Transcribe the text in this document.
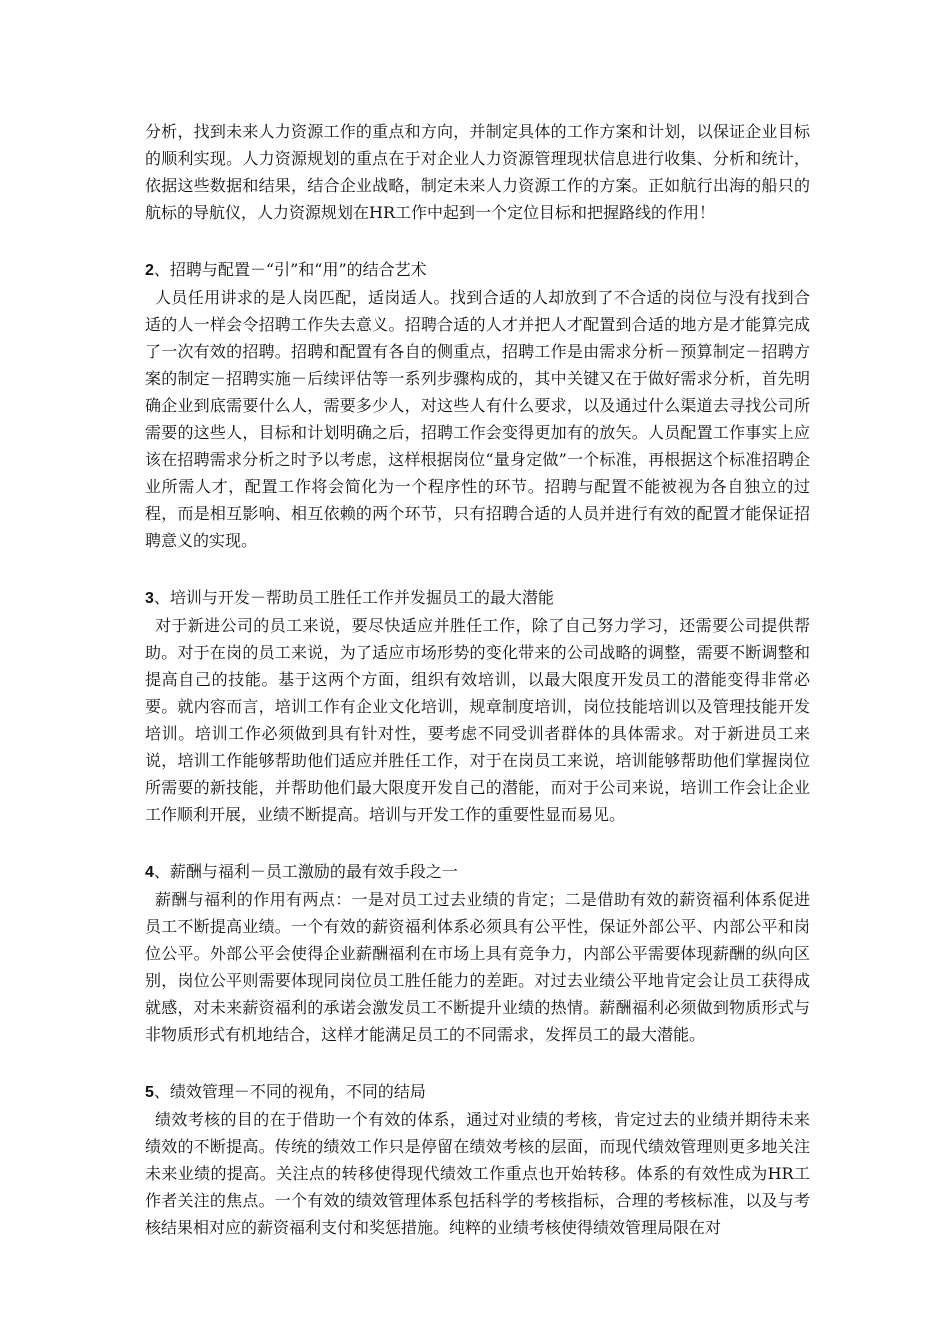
分析，找到未来人力资源工作的重点和方向，并制定具体的工作方案和计划，以保证企业目标的顺利实现。人力资源规划的重点在于对企业人力资源管理现状信息进行收集、分析和统计，依据这些数据和结果，结合企业战略，制定未来人力资源工作的方案。正如航行出海的船只的航标的导航仪，人力资源规划在HR工作中起到一个定位目标和把握路线的作用！

2、招聘与配置－“引”和“用”的结合艺术

人员任用讲求的是人岗匹配，适岗适人。找到合适的人却放到了不合适的岗位与没有找到合适的人一样会令招聘工作失去意义。招聘合适的人才并把人才配置到合适的地方是才能算完成了一次有效的招聘。招聘和配置有各自的侧重点，招聘工作是由需求分析－预算制定－招聘方案的制定－招聘实施－后续评估等一系列步骤构成的，其中关键又在于做好需求分析，首先明确企业到底需要什么人，需要多少人，对这些人有什么要求，以及通过什么渠道去寻找公司所需要的这些人，目标和计划明确之后，招聘工作会变得更加有的放矢。人员配置工作事实上应该在招聘需求分析之时予以考虑，这样根据岗位“量身定做”一个标准，再根据这个标准招聘企业所需人才，配置工作将会简化为一个程序性的环节。招聘与配置不能被视为各自独立的过程，而是相互影响、相互依赖的两个环节，只有招聘合适的人员并进行有效的配置才能保证招聘意义的实现。

3、培训与开发－帮助员工胜任工作并发掘员工的最大潜能

对于新进公司的员工来说，要尽快适应并胜任工作，除了自己努力学习，还需要公司提供帮助。对于在岗的员工来说，为了适应市场形势的变化带来的公司战略的调整，需要不断调整和提高自己的技能。基于这两个方面，组织有效培训，以最大限度开发员工的潜能变得非常必要。就内容而言，培训工作有企业文化培训，规章制度培训，岗位技能培训以及管理技能开发培训。培训工作必须做到具有针对性，要考虑不同受训者群体的具体需求。对于新进员工来说，培训工作能够帮助他们适应并胜任工作，对于在岗员工来说，培训能够帮助他们掌握岗位所需要的新技能，并帮助他们最大限度开发自己的潜能，而对于公司来说，培训工作会让企业工作顺利开展，业绩不断提高。培训与开发工作的重要性显而易见。

4、薪酬与福利－员工激励的最有效手段之一

薪酬与福利的作用有两点：一是对员工过去业绩的肯定；二是借助有效的薪资福利体系促进员工不断提高业绩。一个有效的薪资福利体系必须具有公平性，保证外部公平、内部公平和岗位公平。外部公平会使得企业薪酬福利在市场上具有竞争力，内部公平需要体现薪酬的纵向区别，岗位公平则需要体现同岗位员工胜任能力的差距。对过去业绩公平地肯定会让员工获得成就感，对未来薪资福利的承诺会激发员工不断提升业绩的热情。薪酬福利必须做到物质形式与非物质形式有机地结合，这样才能满足员工的不同需求，发挥员工的最大潜能。

5、绩效管理－不同的视角，不同的结局

绩效考核的目的在于借助一个有效的体系，通过对业绩的考核，肯定过去的业绩并期待未来绩效的不断提高。传统的绩效工作只是停留在绩效考核的层面，而现代绩效管理则更多地关注未来业绩的提高。关注点的转移使得现代绩效工作重点也开始转移。体系的有效性成为HR工作者关注的焦点。一个有效的绩效管理体系包括科学的考核指标，合理的考核标准，以及与考核结果相对应的薪资福利支付和奖惩措施。纯粹的业绩考核使得绩效管理局限在对
